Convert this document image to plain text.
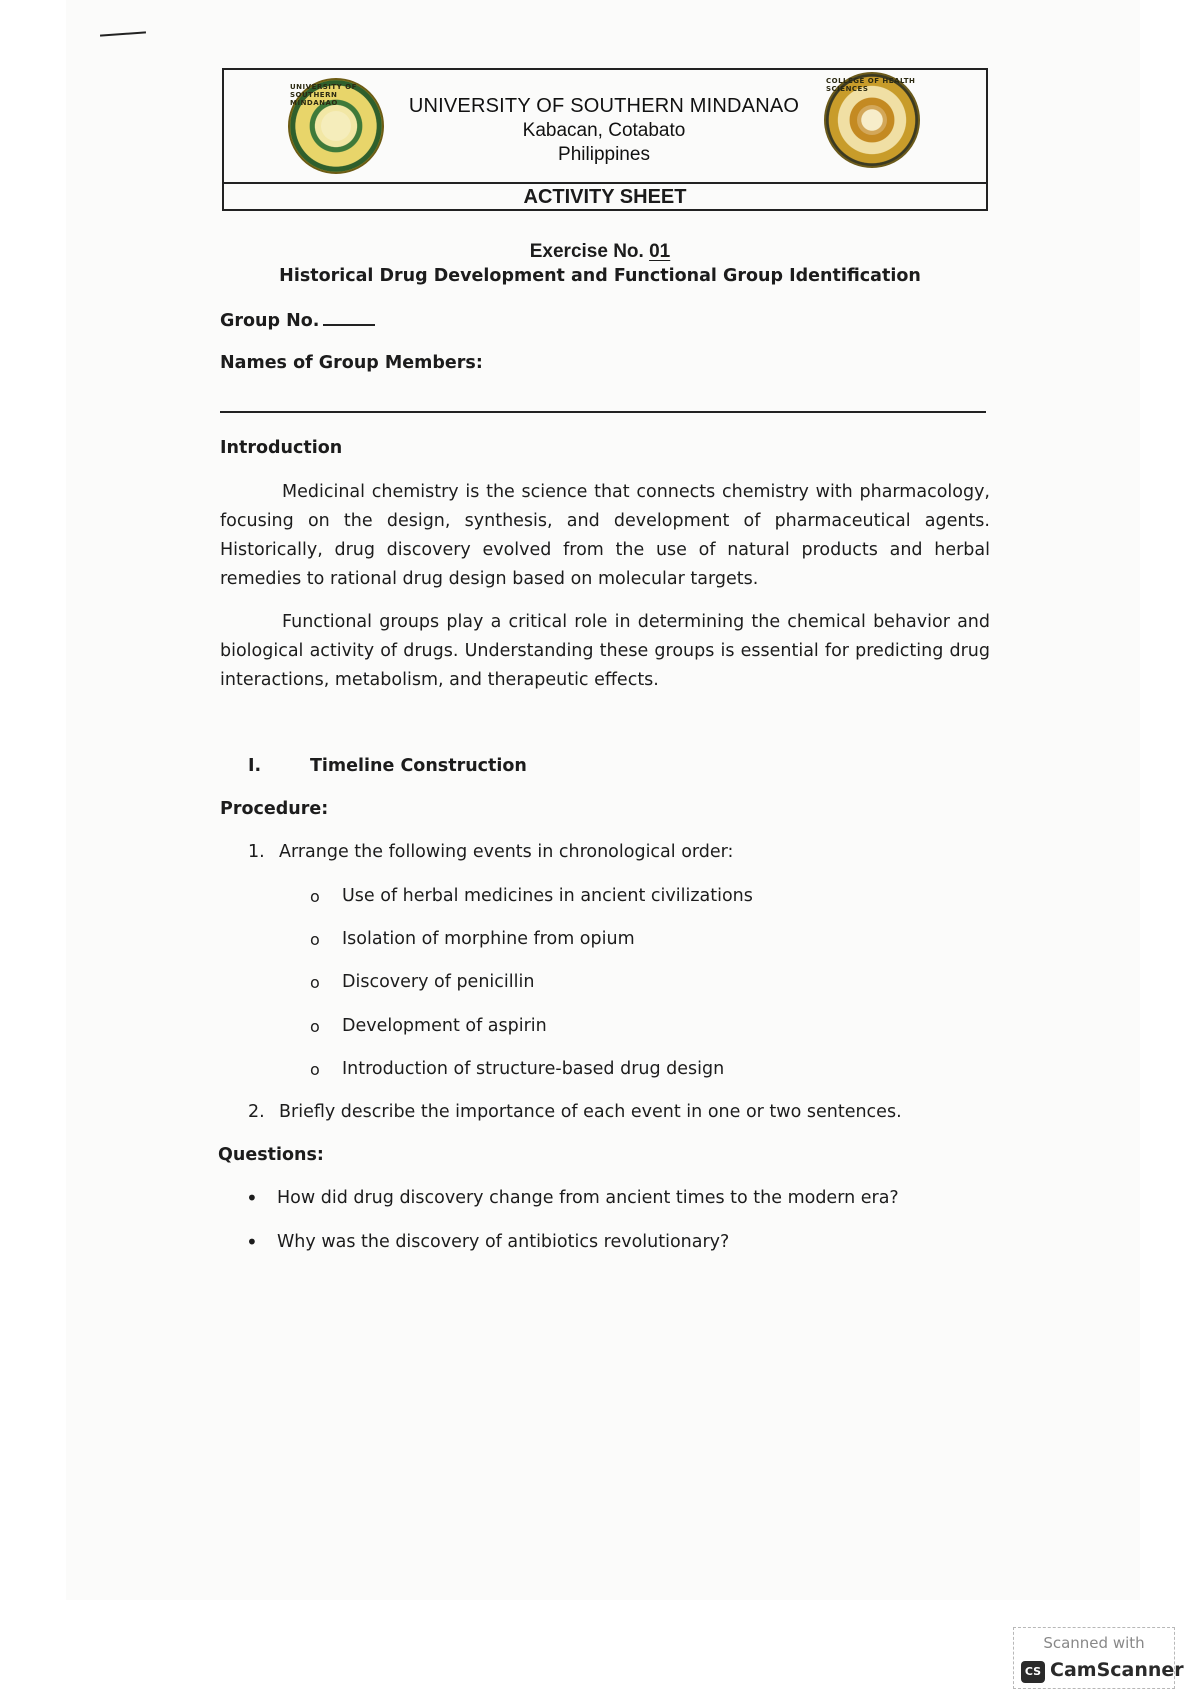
UNIVERSITY OF SOUTHERN MINDANAO	UNIVERSITY OF SOUTHERN MINDANAO
Kabacan, Cotabato
Philippines
COLLEGE OF HEALTH SCIENCES
ACTIVITY SHEET
Exercise No. 01
Historical Drug Development and Functional Group Identification
Group No.
Names of Group Members:
Introduction

Medicinal chemistry is the science that connects chemistry with pharmacology, focusing on the design, synthesis, and development of pharmaceutical agents. Historically, drug discovery evolved from the use of natural products and herbal remedies to rational drug design based on molecular targets.

Functional groups play a critical role in determining the chemical behavior and biological activity of drugs. Understanding these groups is essential for predicting drug interactions, metabolism, and therapeutic effects.

I.	Timeline Construction
Procedure:
1. Arrange the following events in chronological order:
o Use of herbal medicines in ancient civilizations
o Isolation of morphine from opium
o Discovery of penicillin
o Development of aspirin
o Introduction of structure-based drug design
2. Briefly describe the importance of each event in one or two sentences.
Questions:
• How did drug discovery change from ancient times to the modern era?
• Why was the discovery of antibiotics revolutionary?
Scanned with
CS CamScanner
